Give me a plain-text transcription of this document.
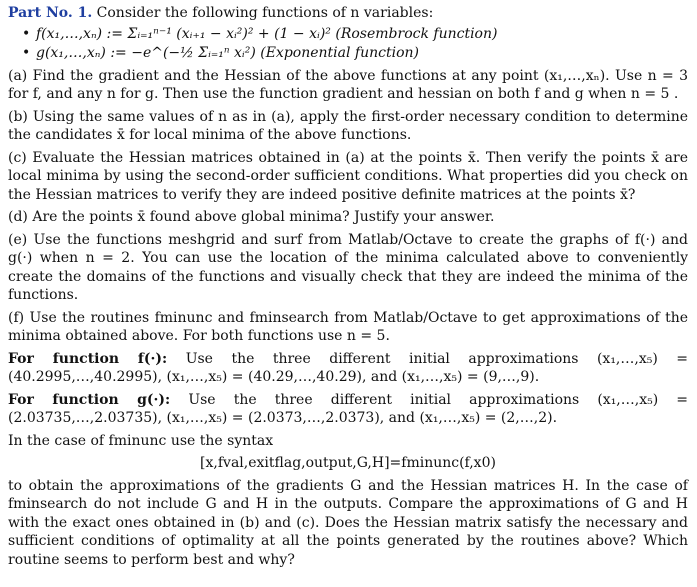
Part No. 1. Consider the following functions of n variables:
• f(x₁,…,xₙ) := Σᵢ₌₁ⁿ⁻¹ (xᵢ₊₁ − xᵢ²)² + (1 − xᵢ)² (Rosembrock function)
• g(x₁,…,xₙ) := −e^(−½ Σᵢ₌₁ⁿ xᵢ²) (Exponential function)
(a) Find the gradient and the Hessian of the above functions at any point (x₁,…,xₙ). Use n = 3 for f, and any n for g. Then use the function gradient and hessian on both f and g when n = 5 .
(b) Using the same values of n as in (a), apply the first-order necessary condition to determine the candidates x̄ for local minima of the above functions.
(c) Evaluate the Hessian matrices obtained in (a) at the points x̄. Then verify the points x̄ are local minima by using the second-order sufficient conditions. What properties did you check on the Hessian matrices to verify they are indeed positive definite matrices at the points x̄?
(d) Are the points x̄ found above global minima? Justify your answer.
(e) Use the functions meshgrid and surf from Matlab/Octave to create the graphs of f(·) and g(·) when n = 2. You can use the location of the minima calculated above to conveniently create the domains of the functions and visually check that they are indeed the minima of the functions.
(f) Use the routines fminunc and fminsearch from Matlab/Octave to get approximations of the minima obtained above. For both functions use n = 5.
For function f(·): Use the three different initial approximations (x₁,…,x₅) = (40.2995,…,40.2995), (x₁,…,x₅) = (40.29,…,40.29), and (x₁,…,x₅) = (9,…,9).
For function g(·): Use the three different initial approximations (x₁,…,x₅) = (2.03735,…,2.03735), (x₁,…,x₅) = (2.0373,…,2.0373), and (x₁,…,x₅) = (2,…,2).
In the case of fminunc use the syntax
[x,fval,exitflag,output,G,H]=fminunc(f,x0)
to obtain the approximations of the gradients G and the Hessian matrices H. In the case of fminsearch do not include G and H in the outputs. Compare the approximations of G and H with the exact ones obtained in (b) and (c). Does the Hessian matrix satisfy the necessary and sufficient conditions of optimality at all the points generated by the routines above? Which routine seems to perform best and why?
